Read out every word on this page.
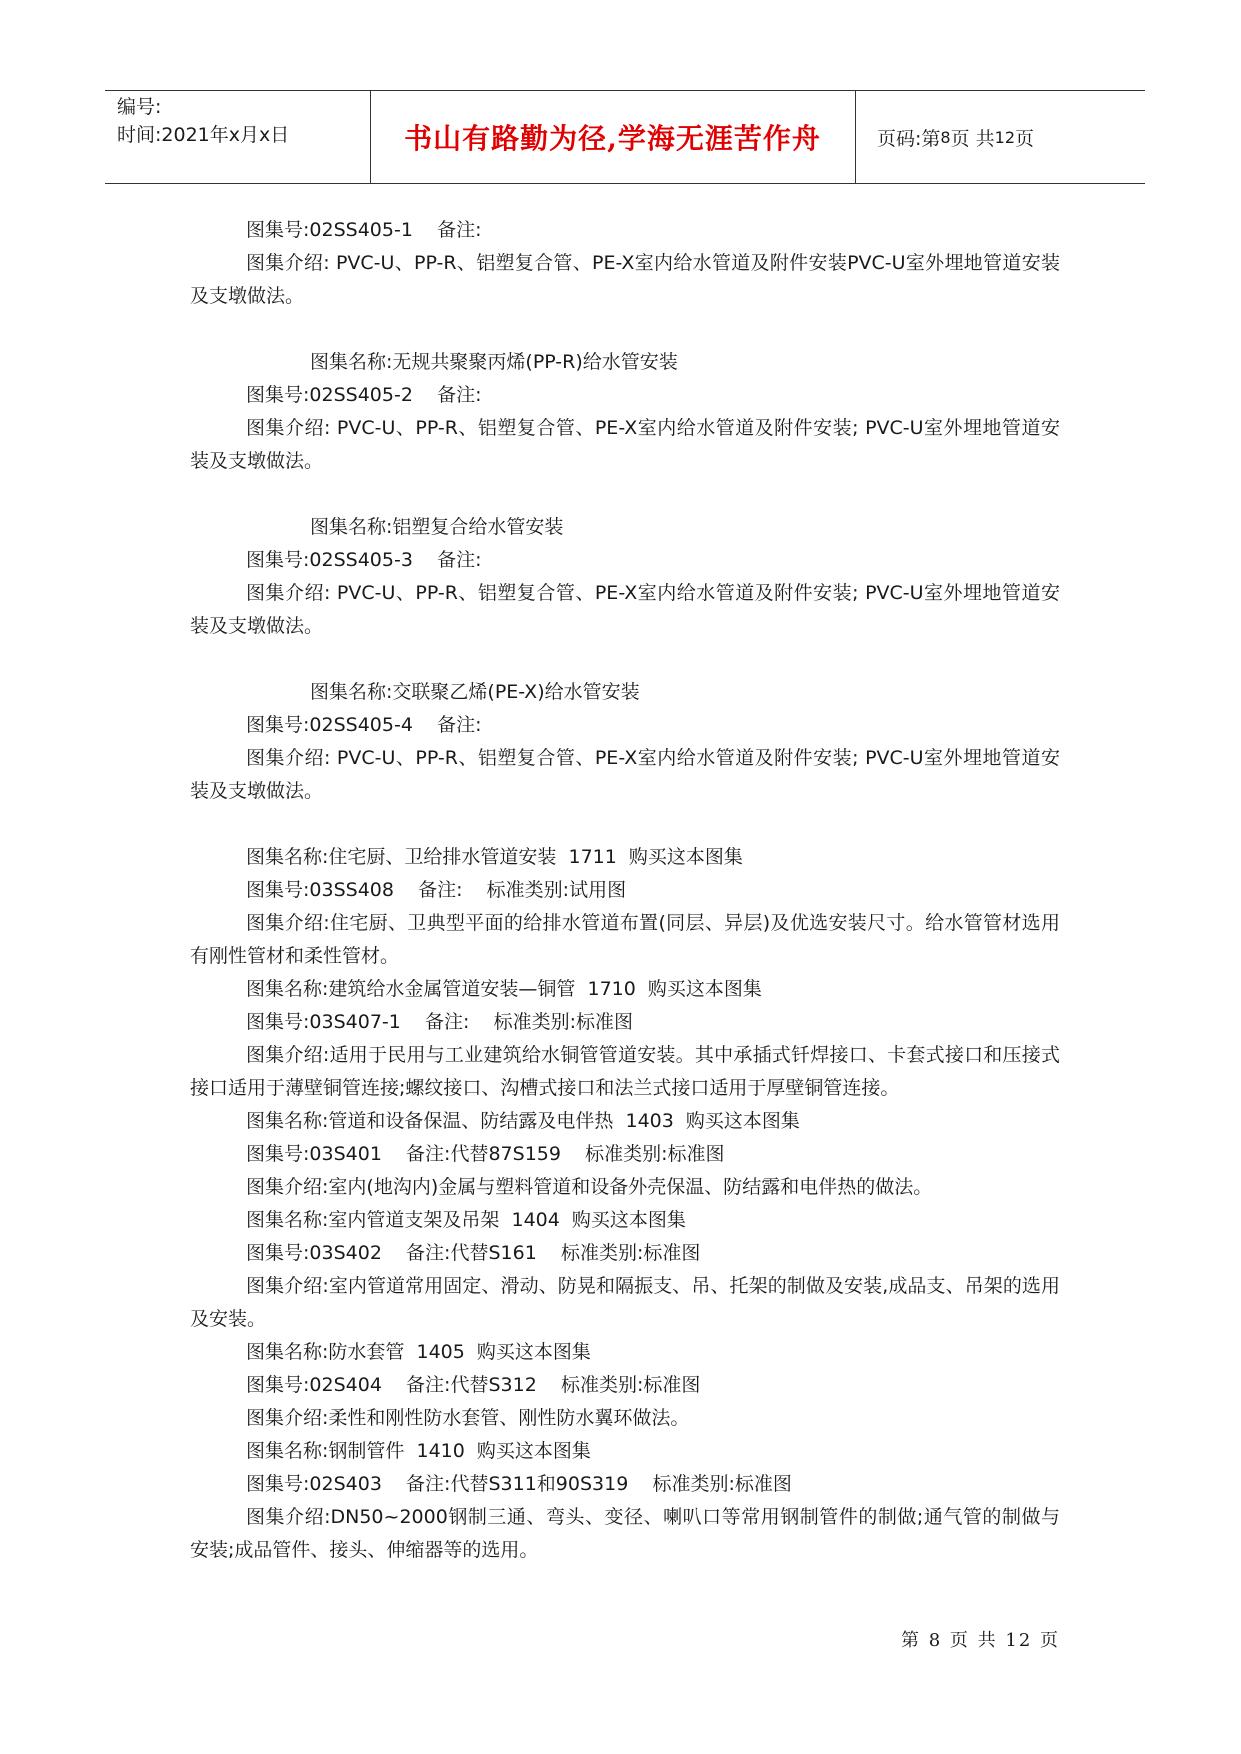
编号:
时间:2021年x月x日	书山有路勤为径,学海无涯苦作舟	页码:第 8 页 共 12 页
图集号:02SS405-1    备注:
图集介绍: PVC-U、PP-R、铝塑复合管、PE-X室内给水管道及附件安装PVC-U室外埋地管道安装及支墩做法。
图集名称:无规共聚聚丙烯(PP-R)给水管安装
图集号:02SS405-2    备注:
图集介绍: PVC-U、PP-R、铝塑复合管、PE-X室内给水管道及附件安装; PVC-U室外埋地管道安装及支墩做法。
图集名称:铝塑复合给水管安装
图集号:02SS405-3    备注:
图集介绍: PVC-U、PP-R、铝塑复合管、PE-X室内给水管道及附件安装; PVC-U室外埋地管道安装及支墩做法。
图集名称:交联聚乙烯(PE-X)给水管安装
图集号:02SS405-4    备注:
图集介绍: PVC-U、PP-R、铝塑复合管、PE-X室内给水管道及附件安装; PVC-U室外埋地管道安装及支墩做法。
图集名称:住宅厨、卫给排水管道安装  1711  购买这本图集
图集号:03SS408    备注:    标准类别:试用图
图集介绍:住宅厨、卫典型平面的给排水管道布置(同层、异层)及优选安装尺寸。给水管管材选用有刚性管材和柔性管材。
图集名称:建筑给水金属管道安装—铜管  1710  购买这本图集
图集号:03S407-1    备注:    标准类别:标准图
图集介绍:适用于民用与工业建筑给水铜管管道安装。其中承插式钎焊接口、卡套式接口和压接式接口适用于薄壁铜管连接;螺纹接口、沟槽式接口和法兰式接口适用于厚壁铜管连接。
图集名称:管道和设备保温、防结露及电伴热  1403  购买这本图集
图集号:03S401    备注:代替87S159    标准类别:标准图
图集介绍:室内(地沟内)金属与塑料管道和设备外壳保温、防结露和电伴热的做法。
图集名称:室内管道支架及吊架  1404  购买这本图集
图集号:03S402    备注:代替S161    标准类别:标准图
图集介绍:室内管道常用固定、滑动、防晃和隔振支、吊、托架的制做及安装,成品支、吊架的选用及安装。
图集名称:防水套管  1405  购买这本图集
图集号:02S404    备注:代替S312    标准类别:标准图
图集介绍:柔性和刚性防水套管、刚性防水翼环做法。
图集名称:钢制管件  1410  购买这本图集
图集号:02S403    备注:代替S311和90S319    标准类别:标准图
图集介绍:DN50~2000钢制三通、弯头、变径、喇叭口等常用钢制管件的制做;通气管的制做与安装;成品管件、接头、伸缩器等的选用。
第 8 页 共 12 页
